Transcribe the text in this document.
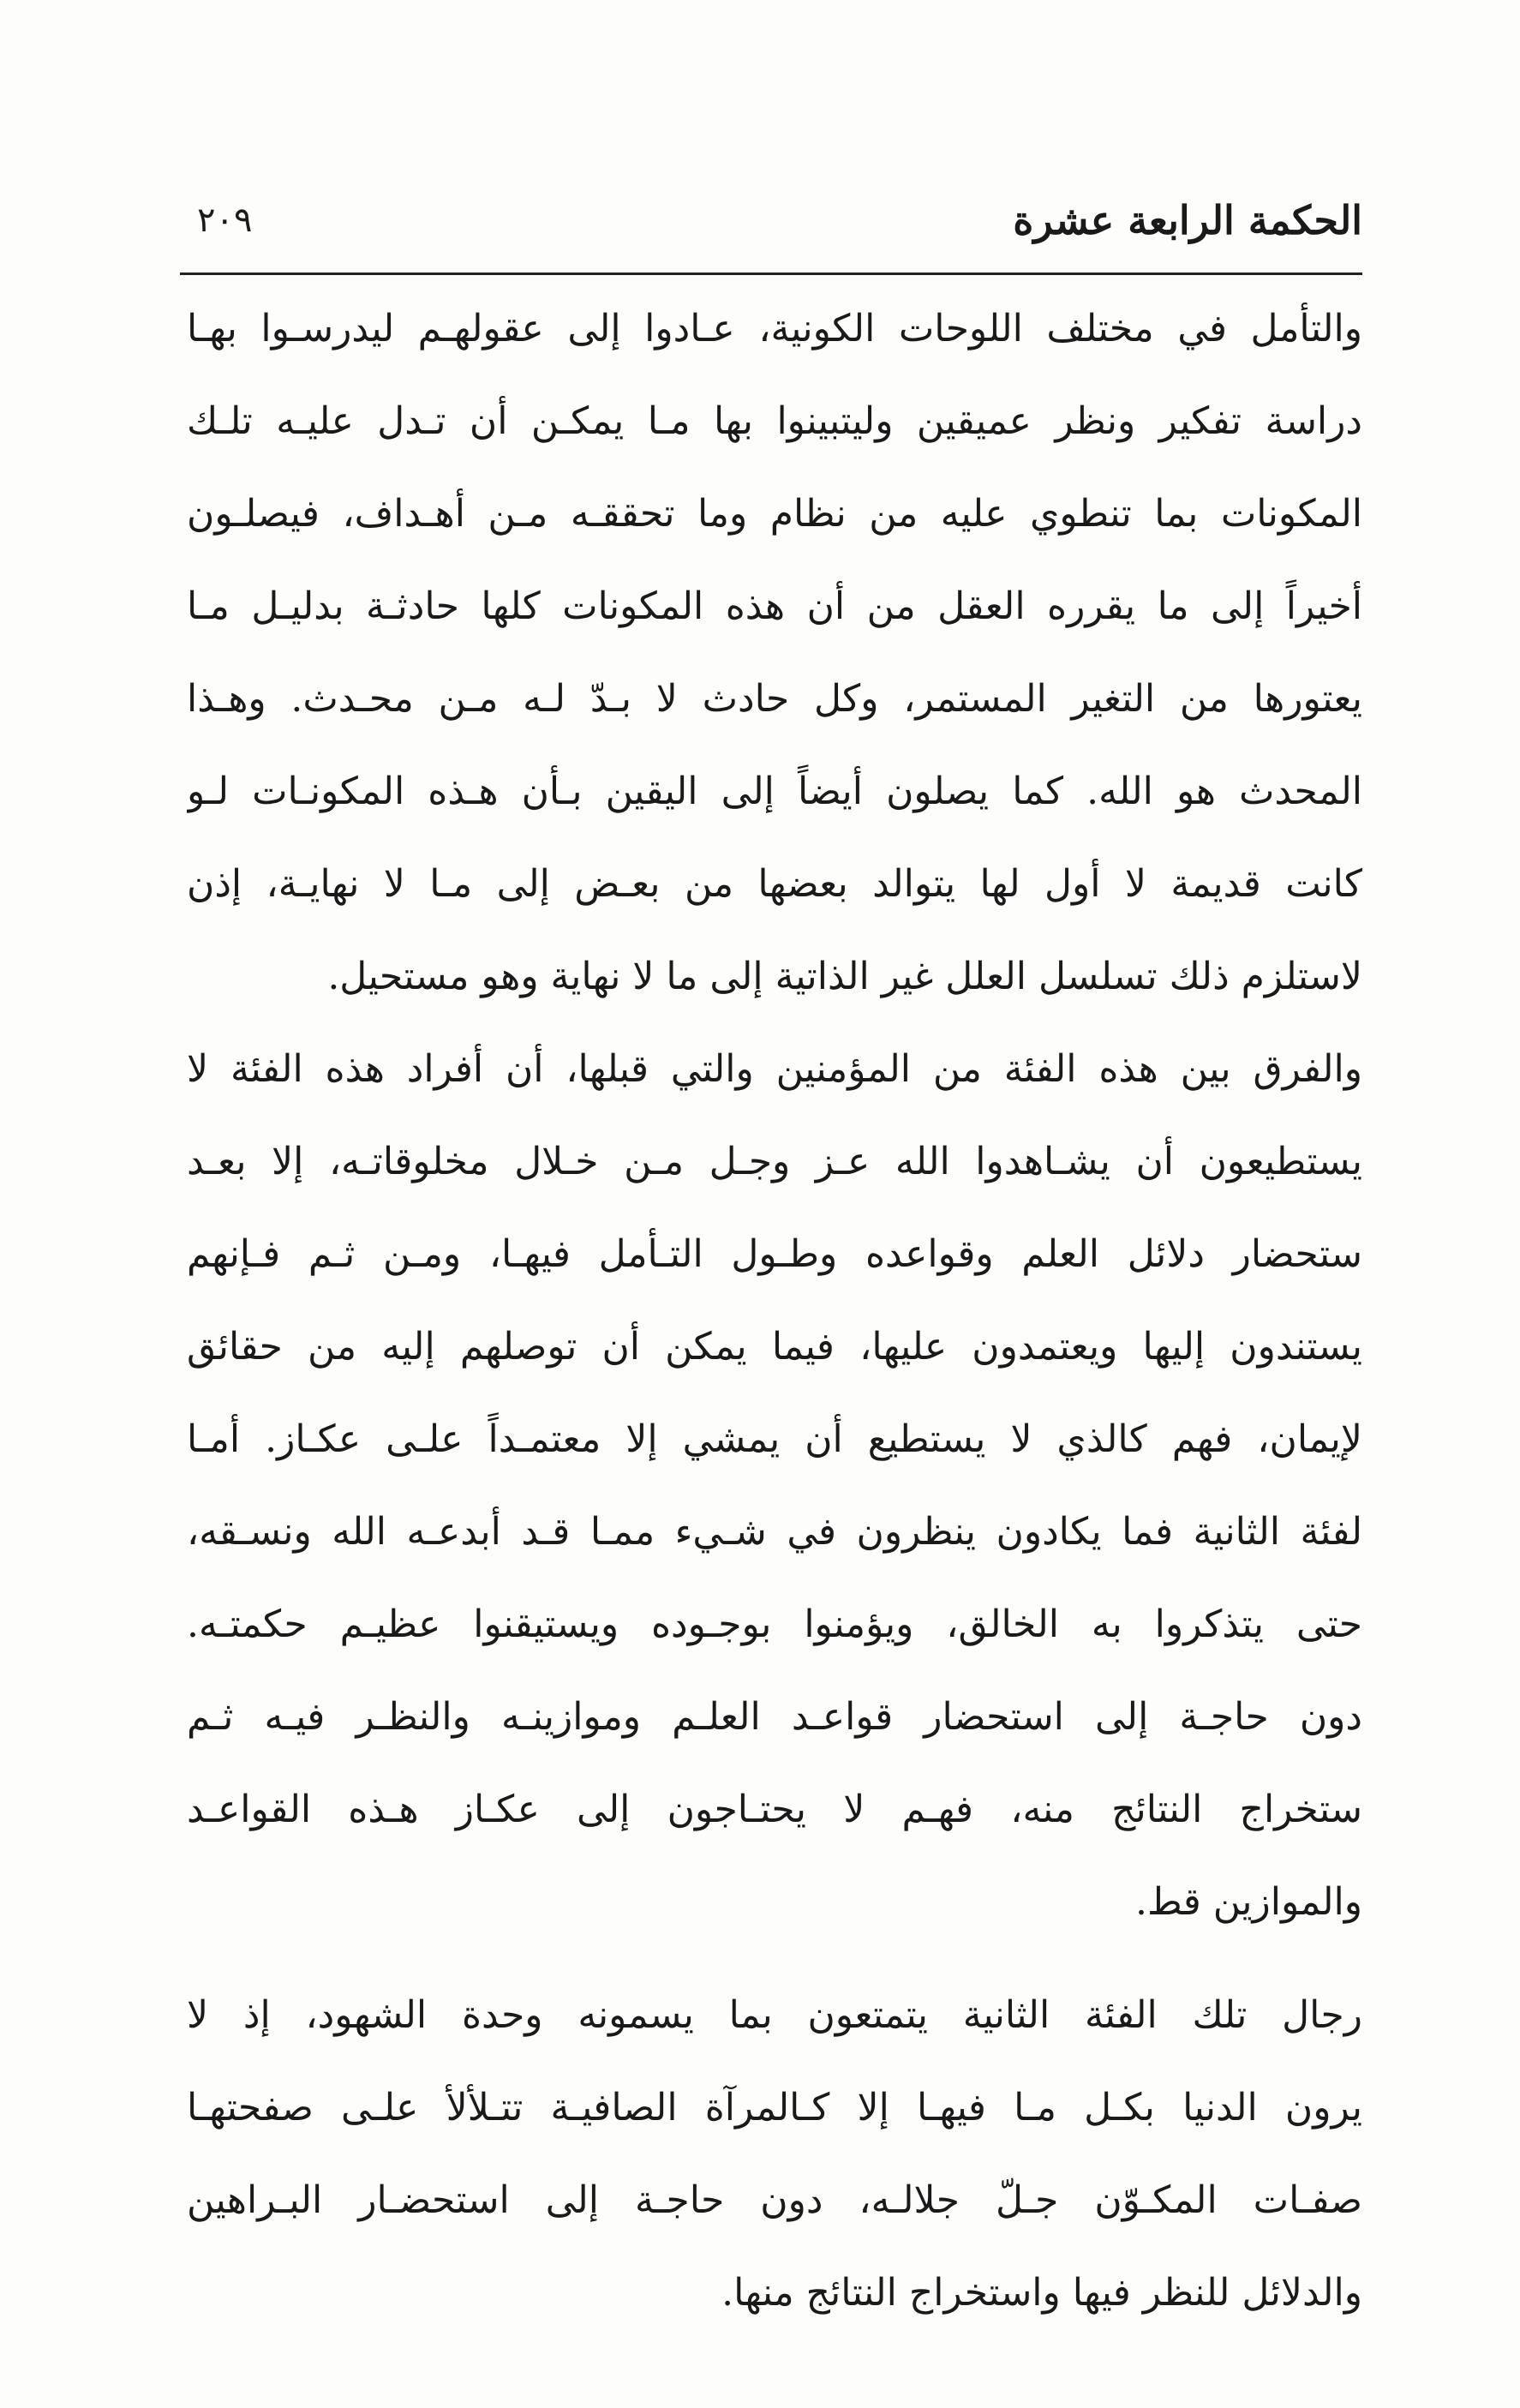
الحكمة الرابعة عشرة
٢٠٩
والتأمل في مختلف اللوحات الكونية، عـادوا إلى عقولهـم ليدرسـوا بهـا
دراسة تفكير ونظر عميقين وليتبينوا بها مـا يمكـن أن تـدل عليـه تلـك
المكونات بما تنطوي عليه من نظام وما تحققـه مـن أهـداف، فيصلـون
أخيراً إلى ما يقرره العقل من أن هذه المكونات كلها حادثـة بدليـل مـا
يعتورها من التغير المستمر، وكل حادث لا بـدّ لـه مـن محـدث. وهـذا
المحدث هو الله. كما يصلون أيضاً إلى اليقين بـأن هـذه المكونـات لـو
كانت قديمة لا أول لها يتوالد بعضها من بعـض إلى مـا لا نهايـة، إذن
لاستلزم ذلك تسلسل العلل غير الذاتية إلى ما لا نهاية وهو مستحيل.
والفرق بين هذه الفئة من المؤمنين والتي قبلها، أن أفراد هذه الفئة لا
يستطيعون أن يشـاهدوا الله عـز وجـل مـن خـلال مخلوقاتـه، إلا بعـد
ستحضار دلائل العلم وقواعده وطـول التـأمل فيهـا، ومـن ثـم فـإنهم
يستندون إليها ويعتمدون عليها، فيما يمكن أن توصلهم إليه من حقائق
لإيمان، فهم كالذي لا يستطيع أن يمشي إلا معتمـداً علـى عكـاز. أمـا
لفئة الثانية فما يكادون ينظرون في شـيء ممـا قـد أبدعـه الله ونسـقه،
حتى يتذكروا به الخالق، ويؤمنوا بوجـوده ويستيقنوا عظيـم حكمتـه.
دون حاجـة إلى استحضار قواعـد العلـم وموازينـه والنظـر فيـه ثـم
ستخراج النتائج منه، فهـم لا يحتـاجون إلى عكـاز هـذه القواعـد
والموازين قط.
رجال تلك الفئة الثانية يتمتعون بما يسمونه وحدة الشهود، إذ لا
يرون الدنيا بكـل مـا فيهـا إلا كـالمرآة الصافيـة تتـلألأ علـى صفحتهـا
صفـات المكـوّن جـلّ جلالـه، دون حاجـة إلى استحضـار البـراهين
والدلائل للنظر فيها واستخراج النتائج منها.
